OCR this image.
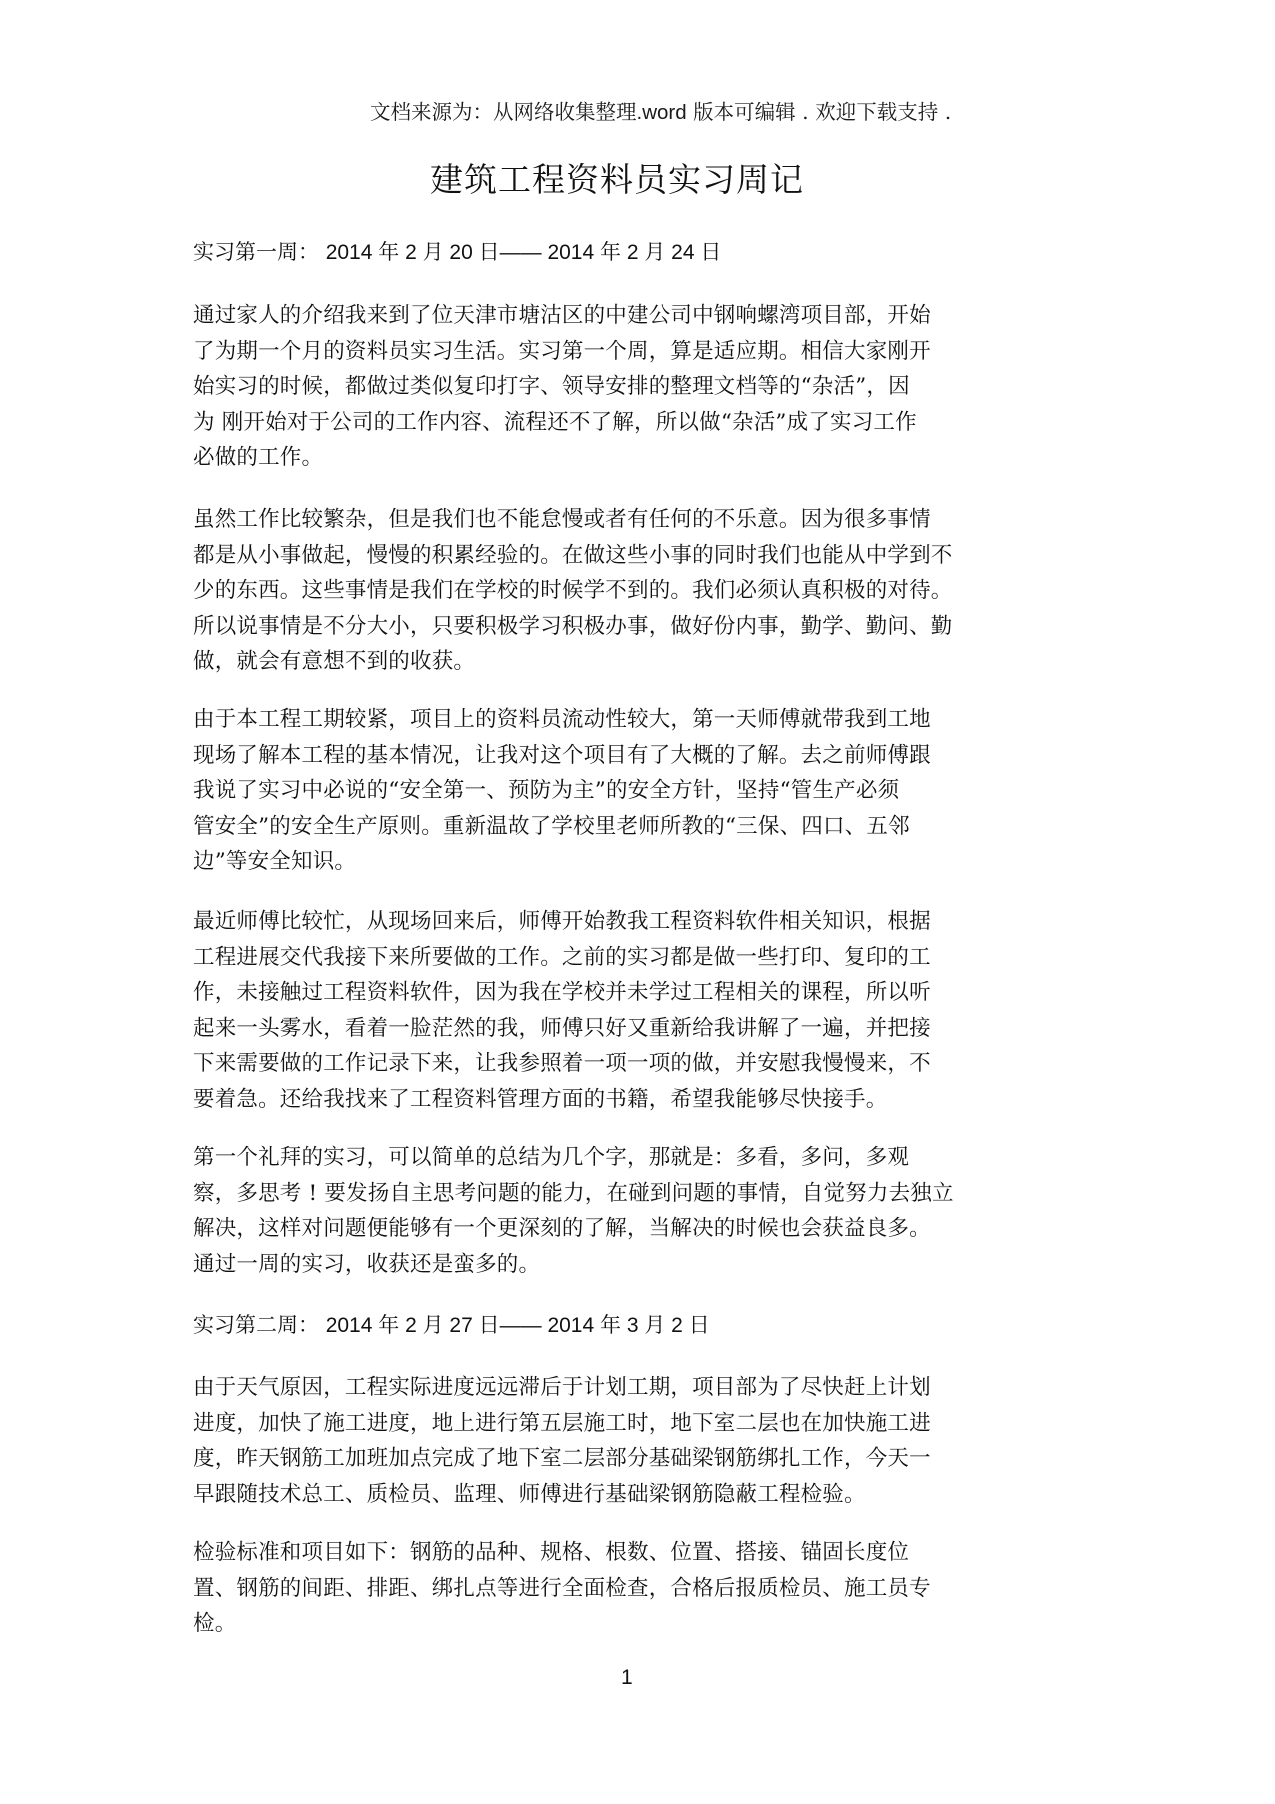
文档来源为：从网络收集整理.word 版本可编辑 . 欢迎下载支持 .
建筑工程资料员实习周记
实习第一周： 2014 年 2 月 20 日—— 2014 年 2 月 24 日
通过家人的介绍我来到了位天津市塘沽区的中建公司中钢响螺湾项目部，开始
了为期一个月的资料员实习生活。实习第一个周，算是适应期。相信大家刚开
始实习的时候，都做过类似复印打字、领导安排的整理文档等的“杂活”，因
为 刚开始对于公司的工作内容、流程还不了解，所以做“杂活”成了实习工作
必做的工作。
虽然工作比较繁杂，但是我们也不能怠慢或者有任何的不乐意。因为很多事情
都是从小事做起，慢慢的积累经验的。在做这些小事的同时我们也能从中学到不
少的东西。这些事情是我们在学校的时候学不到的。我们必须认真积极的对待。
所以说事情是不分大小，只要积极学习积极办事，做好份内事，勤学、勤问、勤
做，就会有意想不到的收获。
由于本工程工期较紧，项目上的资料员流动性较大，第一天师傅就带我到工地
现场了解本工程的基本情况，让我对这个项目有了大概的了解。去之前师傅跟
我说了实习中必说的“安全第一、预防为主”的安全方针，坚持“管生产必须
管安全”的安全生产原则。重新温故了学校里老师所教的“三保、四口、五邻
边”等安全知识。
最近师傅比较忙，从现场回来后，师傅开始教我工程资料软件相关知识，根据
工程进展交代我接下来所要做的工作。之前的实习都是做一些打印、复印的工
作，未接触过工程资料软件，因为我在学校并未学过工程相关的课程，所以听
起来一头雾水，看着一脸茫然的我，师傅只好又重新给我讲解了一遍，并把接
下来需要做的工作记录下来，让我参照着一项一项的做，并安慰我慢慢来，不
要着急。还给我找来了工程资料管理方面的书籍，希望我能够尽快接手。
第一个礼拜的实习，可以简单的总结为几个字，那就是：多看，多问，多观
察，多思考 ! 要发扬自主思考问题的能力，在碰到问题的事情，自觉努力去独立
解决，这样对问题便能够有一个更深刻的了解，当解决的时候也会获益良多。
通过一周的实习，收获还是蛮多的。
实习第二周： 2014 年 2 月 27 日—— 2014 年 3 月 2 日
由于天气原因，工程实际进度远远滞后于计划工期，项目部为了尽快赶上计划
进度，加快了施工进度，地上进行第五层施工时，地下室二层也在加快施工进
度，昨天钢筋工加班加点完成了地下室二层部分基础梁钢筋绑扎工作，今天一
早跟随技术总工、质检员、监理、师傅进行基础梁钢筋隐蔽工程检验。
检验标准和项目如下：钢筋的品种、规格、根数、位置、搭接、锚固长度位
置、钢筋的间距、排距、绑扎点等进行全面检查，合格后报质检员、施工员专
检。
1
